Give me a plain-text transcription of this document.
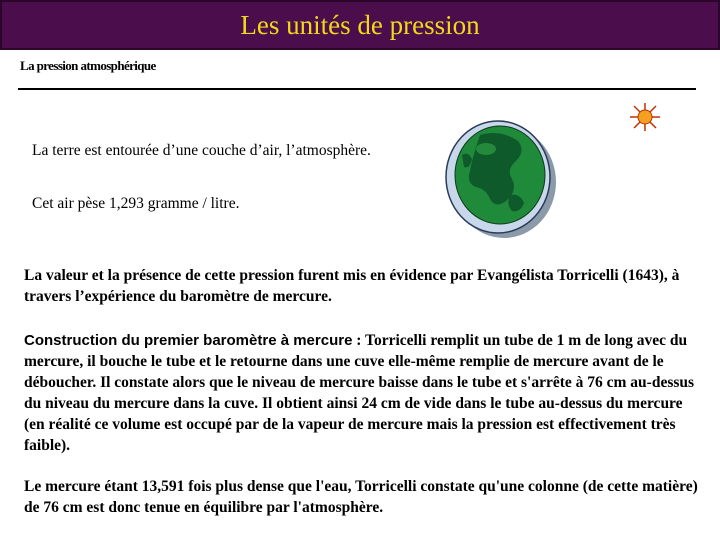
Les unités de pression
La pression atmosphérique

La terre est entourée d’une couche d’air, l’atmosphère.

Cet air pèse 1,293 gramme / litre.

La valeur et la présence de cette pression furent mis en évidence par Evangélista Torricelli (1643), à travers l’expérience du baromètre de mercure.

Construction du premier baromètre à mercure : Torricelli remplit un tube de 1 m de long avec du mercure, il bouche le tube et le retourne dans une cuve elle-même remplie de mercure avant de le déboucher. Il constate alors que le niveau de mercure baisse dans le tube et s'arrête à 76 cm au-dessus du niveau du mercure dans la cuve. Il obtient ainsi 24 cm de vide dans le tube au-dessus du mercure (en réalité ce volume est occupé par de la vapeur de mercure mais la pression est effectivement très faible).

Le mercure étant 13,591 fois plus dense que l'eau, Torricelli constate qu'une colonne (de cette matière) de 76 cm est donc tenue en équilibre par l'atmosphère.
